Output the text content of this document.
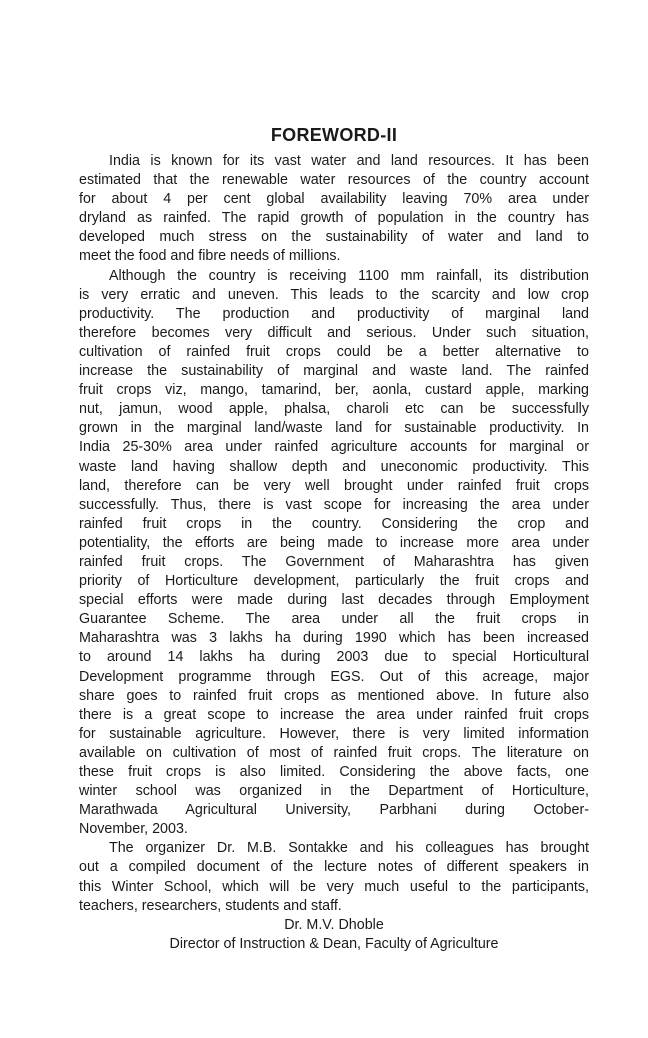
FOREWORD-II
India is known for its vast water and land resources. It has been
estimated that the renewable water resources of the country account
for about 4 per cent global availability leaving 70% area under
dryland as rainfed. The rapid growth of population in the country has
developed much stress on the sustainability of water and land to
meet the food and fibre needs of millions.
Although the country is receiving 1100 mm rainfall, its distribution
is very erratic and uneven. This leads to the scarcity and low crop
productivity. The production and productivity of marginal land
therefore becomes very difficult and serious. Under such situation,
cultivation of rainfed fruit crops could be a better alternative to
increase the sustainability of marginal and waste land. The rainfed
fruit crops viz, mango, tamarind, ber, aonla, custard apple, marking
nut, jamun, wood apple, phalsa, charoli etc can be successfully
grown in the marginal land/waste land for sustainable productivity. In
India 25-30% area under rainfed agriculture accounts for marginal or
waste land having shallow depth and uneconomic productivity. This
land, therefore can be very well brought under rainfed fruit crops
successfully. Thus, there is vast scope for increasing the area under
rainfed fruit crops in the country. Considering the crop and
potentiality, the efforts are being made to increase more area under
rainfed fruit crops. The Government of Maharashtra has given
priority of Horticulture development, particularly the fruit crops and
special efforts were made during last decades through Employment
Guarantee Scheme. The area under all the fruit crops in
Maharashtra was 3 lakhs ha during 1990 which has been increased
to around 14 lakhs ha during 2003 due to special Horticultural
Development programme through EGS. Out of this acreage, major
share goes to rainfed fruit crops as mentioned above. In future also
there is a great scope to increase the area under rainfed fruit crops
for sustainable agriculture. However, there is very limited information
available on cultivation of most of rainfed fruit crops. The literature on
these fruit crops is also limited. Considering the above facts, one
winter school was organized in the Department of Horticulture,
Marathwada Agricultural University, Parbhani during October-
November, 2003.
The organizer Dr. M.B. Sontakke and his colleagues has brought
out a compiled document of the lecture notes of different speakers in
this Winter School, which will be very much useful to the participants,
teachers, researchers, students and staff.
Dr. M.V. Dhoble
Director of Instruction & Dean, Faculty of Agriculture
